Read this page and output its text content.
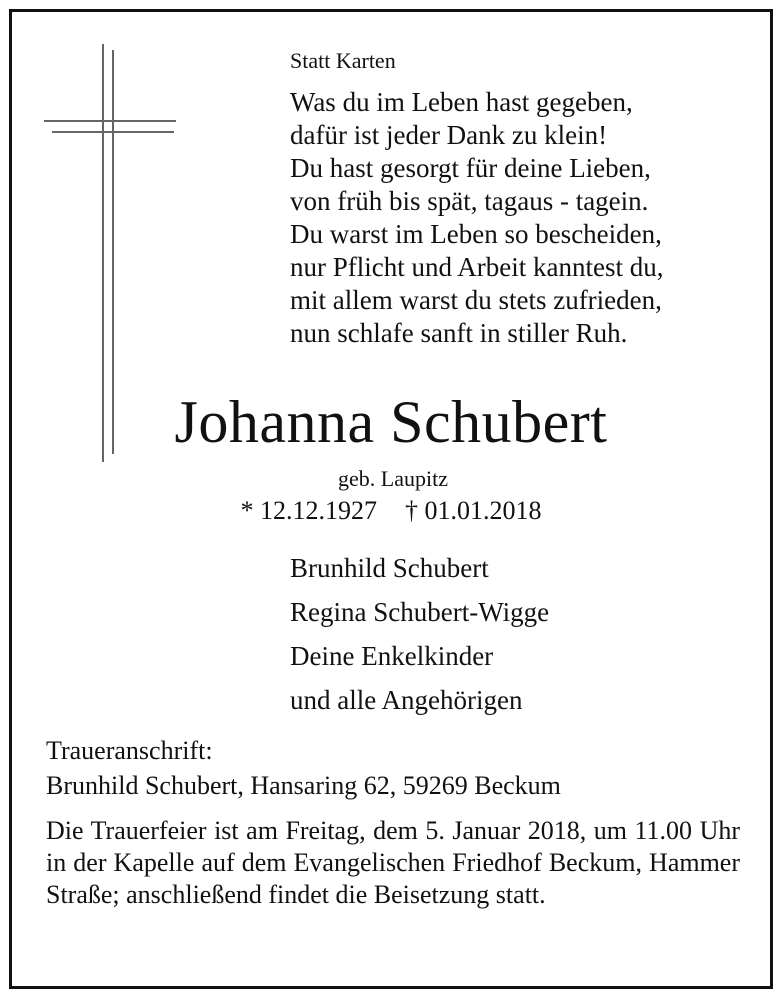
Statt Karten
Was du im Leben hast gegeben,
dafür ist jeder Dank zu klein!
Du hast gesorgt für deine Lieben,
von früh bis spät, tagaus - tagein.
Du warst im Leben so bescheiden,
nur Pflicht und Arbeit kanntest du,
mit allem warst du stets zufrieden,
nun schlafe sanft in stiller Ruh.
Johanna Schubert
geb. Laupitz
* 12.12.1927 † 01.01.2018
Brunhild Schubert
Regina Schubert-Wigge
Deine Enkelkinder
und alle Angehörigen
Traueranschrift:
Brunhild Schubert, Hansaring 62, 59269 Beckum
Die Trauerfeier ist am Freitag, dem 5. Januar 2018, um 11.00 Uhr in der Kapelle auf dem Evangelischen Friedhof Beckum, Hammer Straße; anschließend findet die Beisetzung statt.
